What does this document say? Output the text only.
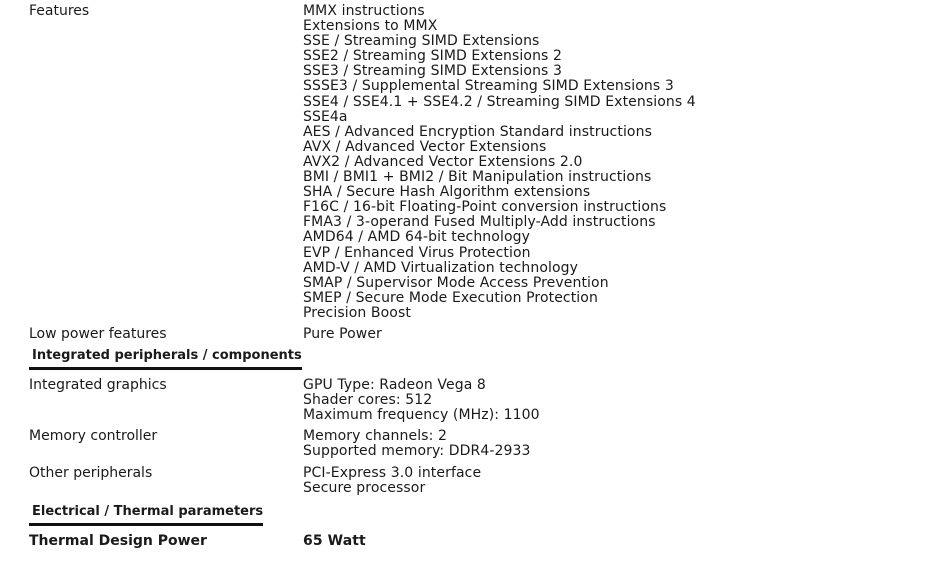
Features	MMX instructions
Extensions to MMX
SSE / Streaming SIMD Extensions
SSE2 / Streaming SIMD Extensions 2
SSE3 / Streaming SIMD Extensions 3
SSSE3 / Supplemental Streaming SIMD Extensions 3
SSE4 / SSE4.1 + SSE4.2 / Streaming SIMD Extensions 4
SSE4a
AES / Advanced Encryption Standard instructions
AVX / Advanced Vector Extensions
AVX2 / Advanced Vector Extensions 2.0
BMI / BMI1 + BMI2 / Bit Manipulation instructions
SHA / Secure Hash Algorithm extensions
F16C / 16-bit Floating-Point conversion instructions
FMA3 / 3-operand Fused Multiply-Add instructions
AMD64 / AMD 64-bit technology
EVP / Enhanced Virus Protection
AMD-V / AMD Virtualization technology
SMAP / Supervisor Mode Access Prevention
SMEP / Secure Mode Execution Protection
Precision Boost
Low power features	Pure Power
Integrated peripherals / components
Integrated graphics	GPU Type: Radeon Vega 8
Shader cores: 512
Maximum frequency (MHz): 1100
Memory controller	Memory channels: 2
Supported memory: DDR4-2933
Other peripherals	PCI-Express 3.0 interface
Secure processor
Electrical / Thermal parameters
Thermal Design Power	65 Watt
